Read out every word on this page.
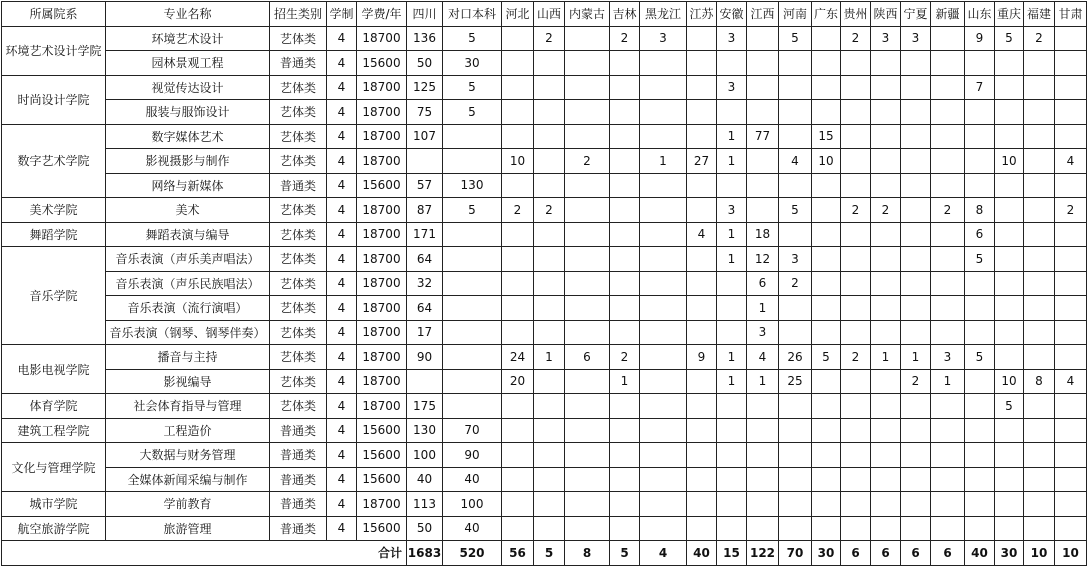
所属院系	专业名称	招生类别	学制	学费/年	四川	对口本科	河北	山西	内蒙古	吉林	黑龙江	江苏	安徽	江西	河南	广东	贵州	陕西	宁夏	新疆	山东	重庆	福建	甘肃
环境艺术设计学院	环境艺术设计	艺体类	4	18700	136	5		2		2	3		3		5		2	3	3		9	5	2	
	园林景观工程	普通类	4	15600	50	30																		
时尚设计学院	视觉传达设计	艺体类	4	18700	125	5							3								7			
	服装与服饰设计	艺体类	4	18700	75	5																		
数字艺术学院	数字媒体艺术	艺体类	4	18700	107								1	77		15								
	影视摄影与制作	艺体类	4	18700			10		2		1	27	1		4	10						10		4
	网络与新媒体	普通类	4	15600	57	130																		
美术学院	美术	艺体类	4	18700	87	5	2	2					3		5		2	2		2	8			2
舞蹈学院	舞蹈表演与编导	艺体类	4	18700	171							4	1	18							6			
音乐学院	音乐表演（声乐美声唱法）	艺体类	4	18700	64								1	12	3						5			
	音乐表演（声乐民族唱法）	艺体类	4	18700	32									6	2									
	音乐表演（流行演唱）	艺体类	4	18700	64									1										
	音乐表演（钢琴、钢琴伴奏）	艺体类	4	18700	17									3										
电影电视学院	播音与主持	艺体类	4	18700	90		24	1	6	2		9	1	4	26	5	2	1	1	3	5			
	影视编导	艺体类	4	18700			20			1			1	1	25				2	1		10	8	4
体育学院	社会体育指导与管理	艺体类	4	18700	175																	5		
建筑工程学院	工程造价	普通类	4	15600	130	70																		
文化与管理学院	大数据与财务管理	普通类	4	15600	100	90																		
	全媒体新闻采编与制作	普通类	4	15600	40	40																		
城市学院	学前教育	普通类	4	18700	113	100																		
航空旅游学院	旅游管理	普通类	4	15600	50	40																		
合计					1683	520	56	5	8	5	4	40	15	122	70	30	6	6	6	6	40	30	10	10
